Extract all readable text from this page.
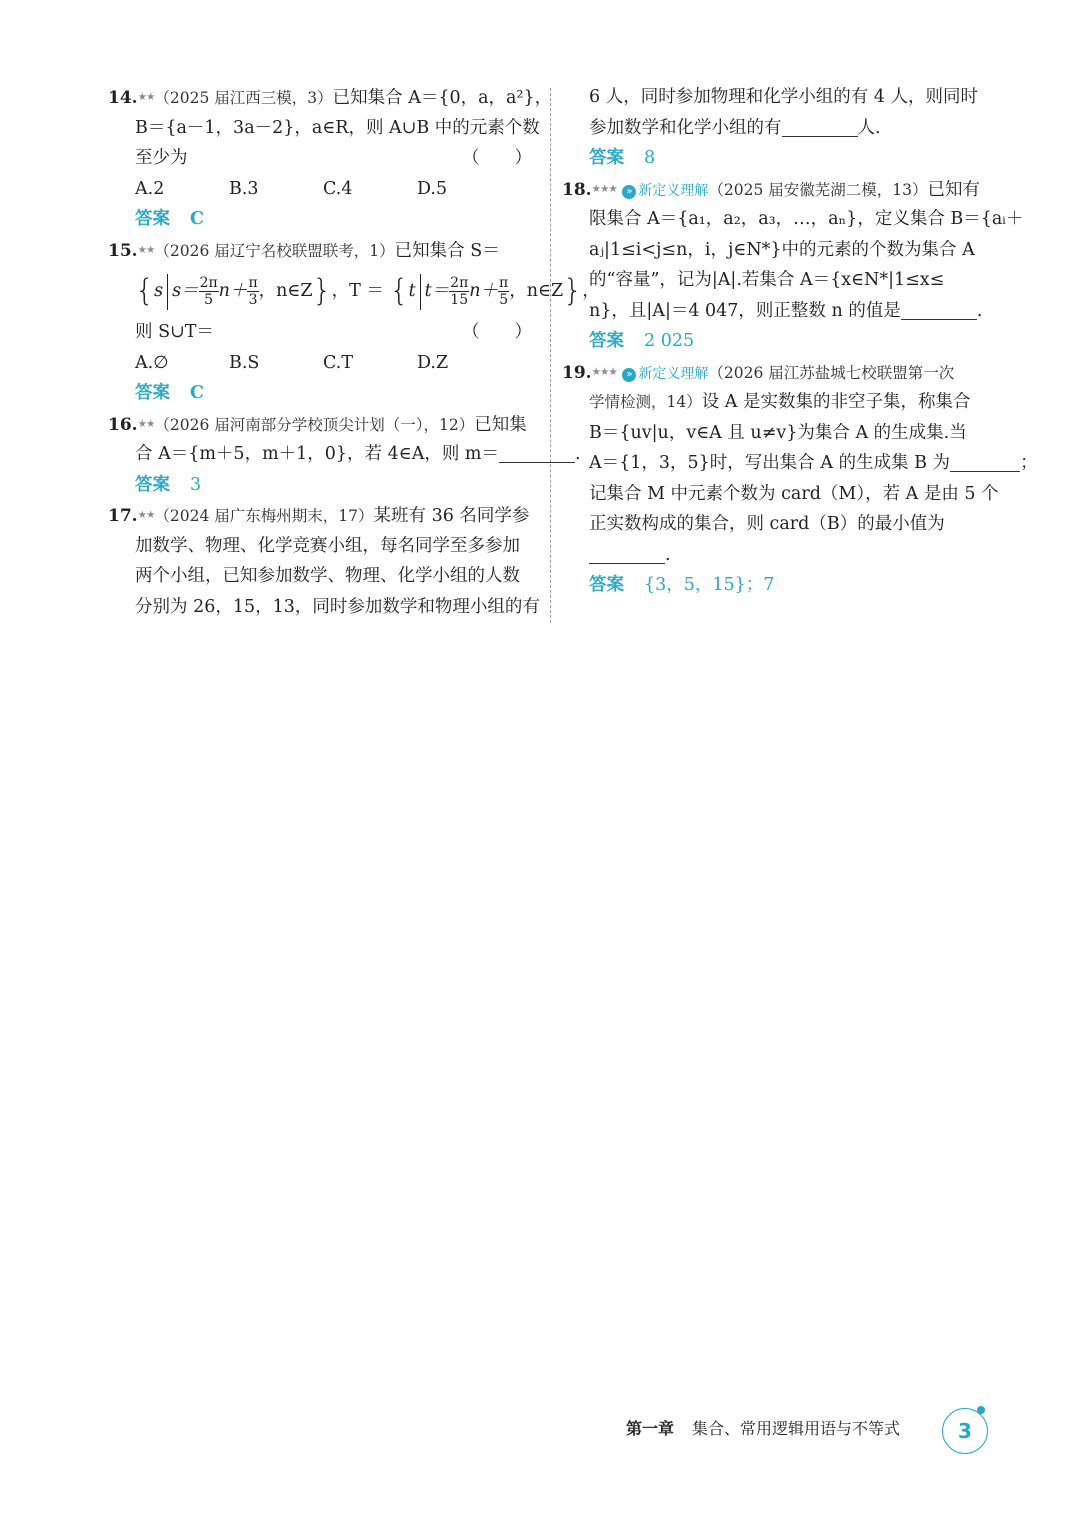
14.★★（2025 届江西三模，3）已知集合 A＝{0，a，a²}，
B＝{a－1，3a－2}，a∈R，则 A∪B 中的元素个数
至少为	（　　）
A.2	B.3	C.4	D.5
答案 C
15.★★（2026 届辽宁名校联盟联考，1）已知集合 S＝
{s $s= \frac{2\pi}{5} n+ \frac{\pi}{3}$ ，n∈Z}，T ＝ {t $t= \frac{2\pi}{15} n+ \frac{\pi}{5}$ ，n∈Z}，
则 S∪T＝	（　　）
A.∅	B.S	C.T	D.Z
答案 C
16.★★（2026 届河南部分学校顶尖计划（一），12）已知集
合 A＝{m＋5，m＋1，0}，若 4∈A，则 m＝	.
答案 3
17.★★（2024 届广东梅州期末，17）某班有 36 名同学参
加数学、物理、化学竞赛小组，每名同学至多参加
两个小组，已知参加数学、物理、化学小组的人数
分别为 26，15，13，同时参加数学和物理小组的有
6 人，同时参加物理和化学小组的有 4 人，则同时
参加数学和化学小组的有	人.
答案 8
18.★★★ » 新定义理解（2025 届安徽芜湖二模，13）已知有
限集合 A＝{a₁，a₂，a₃，…，aₙ}，定义集合 B＝{aᵢ＋
aⱼ|1≤i<j≤n，i，j∈N*}中的元素的个数为集合 A
的“容量”，记为|A|.若集合 A＝{x∈N*|1≤x≤
n}，且|A|＝4 047，则正整数 n 的值是	.
答案 2 025
19.★★★ » 新定义理解（2026 届江苏盐城七校联盟第一次
学情检测，14）设 A 是实数集的非空子集，称集合
B＝{uv|u，v∈A 且 u≠v}为集合 A 的生成集.当
A＝{1，3，5}时，写出集合 A 的生成集 B 为	；
记集合 M 中元素个数为 card（M），若 A 是由 5 个
正实数构成的集合，则 card（B）的最小值为
.
答案 {3，5，15}；7
第一章 集合、常用逻辑用语与不等式	3
